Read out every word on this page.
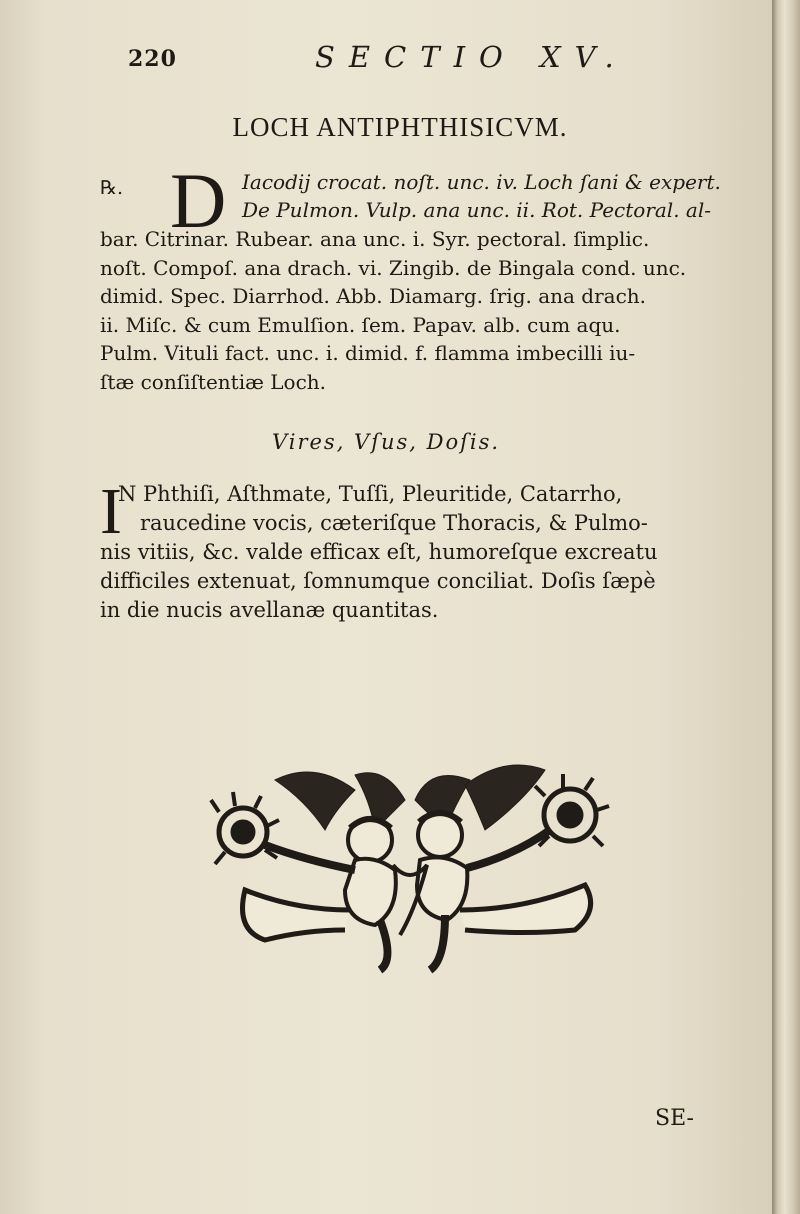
220	SECTIO XV.
LOCH ANTIPHTHISICVM.
℞. D Iacodij crocat. noſt. unc. iv. Loch ſani & expert.
De Pulmon. Vulp. ana unc. ii. Rot. Pectoral. al-
bar. Citrinar. Rubear. ana unc. i. Syr. pectoral. ſimplic.
noſt. Compoſ. ana drach. vi. Zingib. de Bingala cond. unc.
dimid. Spec. Diarrhod. Abb. Diamarg. ſrig. ana drach.
ii. Miſc. & cum Emulſion. ſem. Papav. alb. cum aqu.
Pulm. Vituli fact. unc. i. dimid. f. flamma imbecilli iu-
ſtæ conſiſtentiæ Loch.
Vires, Vſus, Doſis.
I
N Phthiſi, Aſthmate, Tuſſi, Pleuritide, Catarrho,
raucedine vocis, cæteriſque Thoracis, & Pulmo-
nis vitiis, &c. valde efficax eſt, humoreſque excreatu
difficiles extenuat, ſomnumque conciliat. Doſis ſæpè
in die nucis avellanæ quantitas.
SE-
